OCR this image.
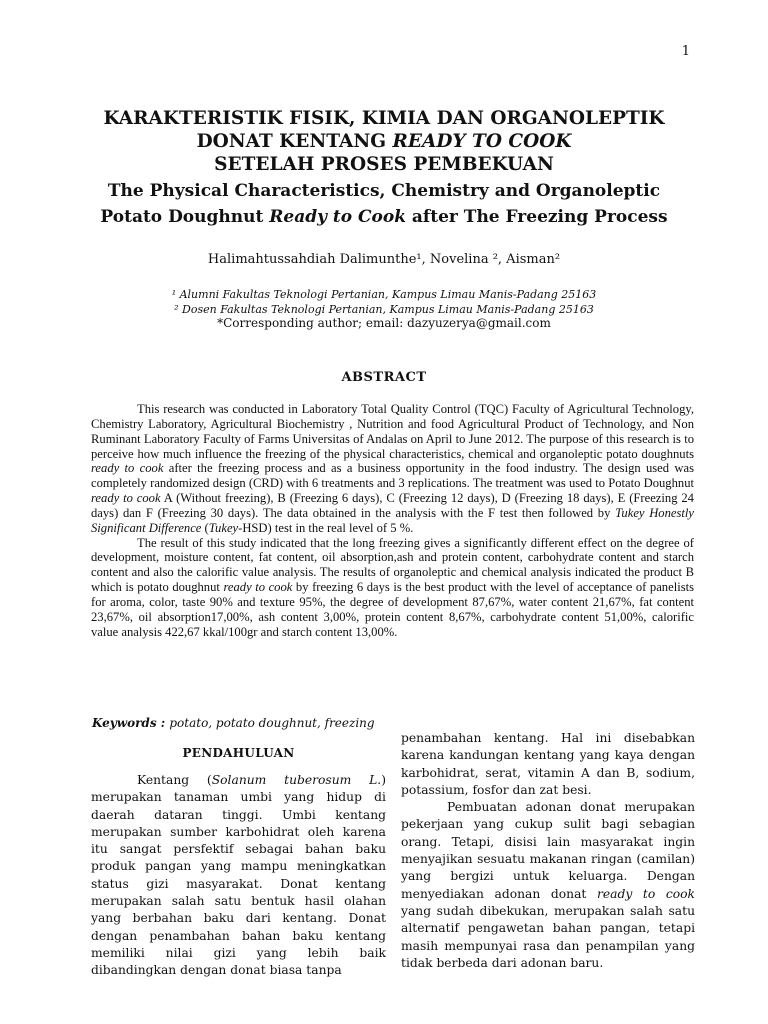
1
KARAKTERISTIK FISIK, KIMIA DAN ORGANOLEPTIK
DONAT KENTANG READY TO COOK
SETELAH PROSES PEMBEKUAN
The Physical Characteristics, Chemistry and Organoleptic
Potato Doughnut Ready to Cook after The Freezing Process
Halimahtussahdiah Dalimunthe¹, Novelina ², Aisman²
¹ Alumni Fakultas Teknologi Pertanian, Kampus Limau Manis-Padang 25163
² Dosen Fakultas Teknologi Pertanian, Kampus Limau Manis-Padang 25163
*Corresponding author; email: dazyuzerya@gmail.com
ABSTRACT

This research was conducted in Laboratory Total Quality Control (TQC) Faculty of Agricultural Technology, Chemistry Laboratory, Agricultural Biochemistry , Nutrition and food Agricultural Product of Technology, and Non Ruminant Laboratory Faculty of Farms Universitas of Andalas on April to June 2012. The purpose of this research is to perceive how much influence the freezing of the physical characteristics, chemical and organoleptic potato doughnuts ready to cook after the freezing process and as a business opportunity in the food industry. The design used was completely randomized design (CRD) with 6 treatments and 3 replications. The treatment was used to Potato Doughnut ready to cook A (Without freezing), B (Freezing 6 days), C (Freezing 12 days), D (Freezing 18 days), E (Freezing 24 days) dan F (Freezing 30 days). The data obtained in the analysis with the F test then followed by Tukey Honestly Significant Difference (Tukey-HSD) test in the real level of 5 %.

The result of this study indicated that the long freezing gives a significantly different effect on the degree of development, moisture content, fat content, oil absorption,ash and protein content, carbohydrate content and starch content and also the calorific value analysis. The results of organoleptic and chemical analysis indicated the product B which is potato doughnut ready to cook by freezing 6 days is the best product with the level of acceptance of panelists for aroma, color, taste 90% and texture 95%, the degree of development 87,67%, water content 21,67%, fat content 23,67%, oil absorption17,00%, ash content 3,00%, protein content 8,67%, carbohydrate content 51,00%, calorific value analysis 422,67 kkal/100gr and starch content 13,00%.

Keywords : potato, potato doughnut, freezing
PENDAHULUAN

Kentang (Solanum tuberosum L.) merupakan tanaman umbi yang hidup di daerah dataran tinggi. Umbi kentang merupakan sumber karbohidrat oleh karena itu sangat persfektif sebagai bahan baku produk pangan yang mampu meningkatkan status gizi masyarakat. Donat kentang merupakan salah satu bentuk hasil olahan yang berbahan baku dari kentang. Donat dengan penambahan bahan baku kentang memiliki nilai gizi yang lebih baik dibandingkan dengan donat biasa tanpa

penambahan kentang. Hal ini disebabkan karena kandungan kentang yang kaya dengan karbohidrat, serat, vitamin A dan B, sodium, potassium, fosfor dan zat besi.

Pembuatan adonan donat merupakan pekerjaan yang cukup sulit bagi sebagian orang. Tetapi, disisi lain masyarakat ingin menyajikan sesuatu makanan ringan (camilan) yang bergizi untuk keluarga. Dengan menyediakan adonan donat ready to cook yang sudah dibekukan, merupakan salah satu alternatif pengawetan bahan pangan, tetapi masih mempunyai rasa dan penampilan yang tidak berbeda dari adonan baru.
